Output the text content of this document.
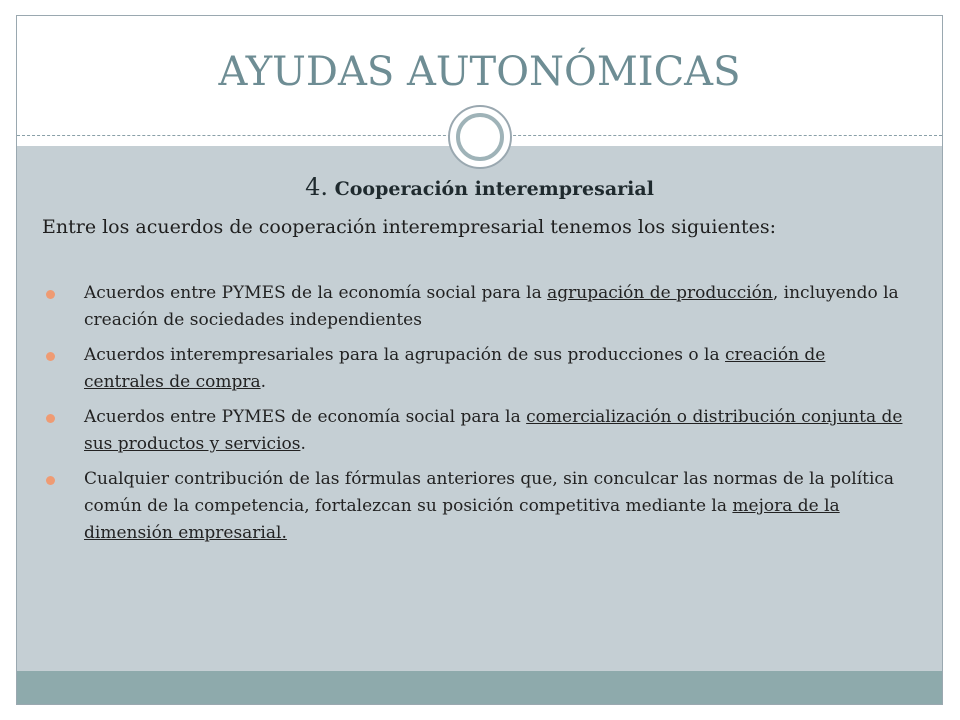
AYUDAS AUTONÓMICAS
4. Cooperación interempresarial
Entre los acuerdos de cooperación interempresarial tenemos los siguientes:
Acuerdos entre PYMES de la economía social para la agrupación de producción, incluyendo la creación de sociedades independientes
Acuerdos interempresariales para la agrupación de sus producciones o la creación de centrales de compra.
Acuerdos entre PYMES de economía social para la comercialización o distribución conjunta de sus productos y servicios.
Cualquier contribución de las fórmulas anteriores que, sin conculcar las normas de la política común de la competencia, fortalezcan su posición competitiva mediante la mejora de la dimensión empresarial.
